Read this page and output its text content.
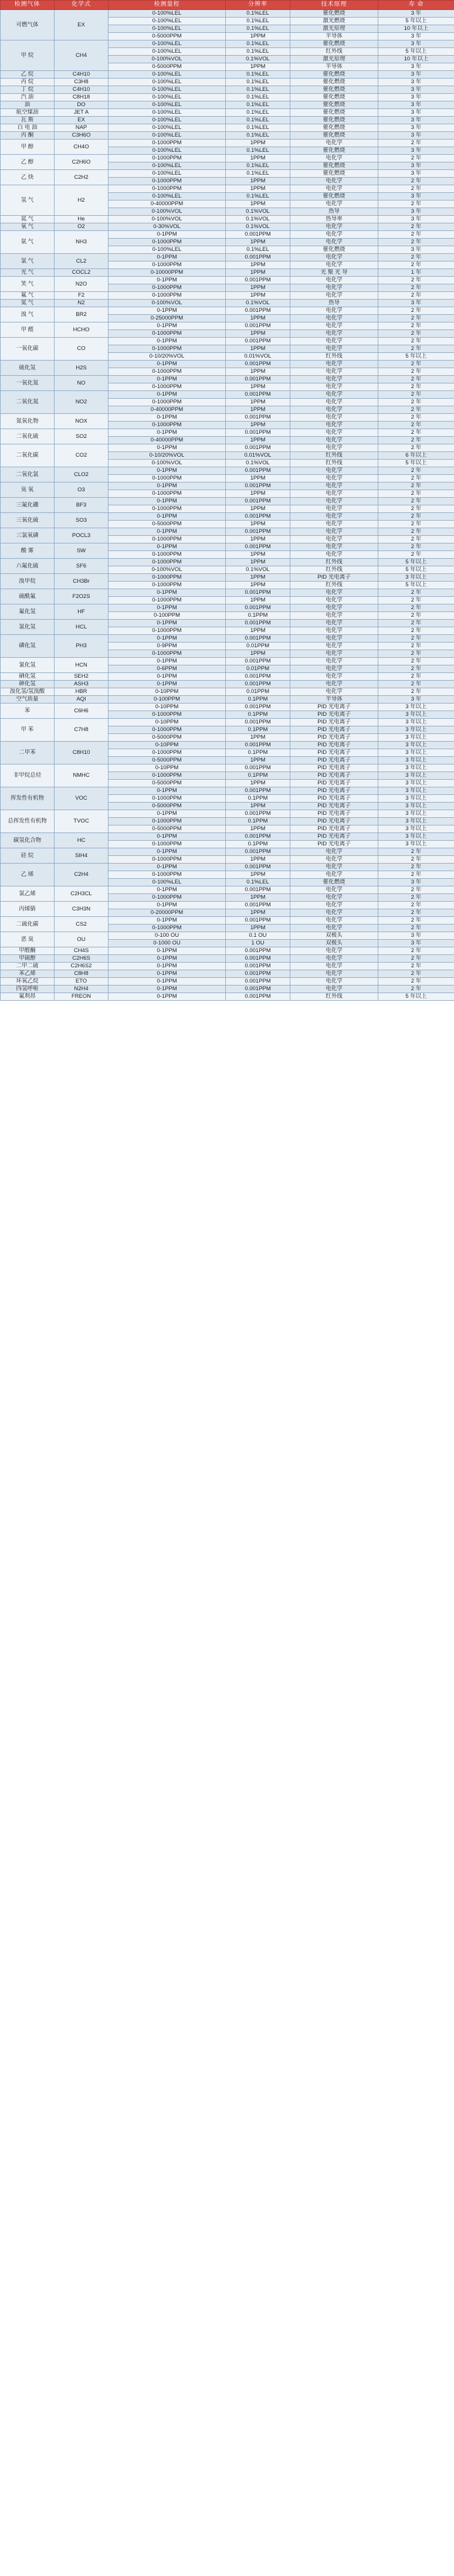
检测气体	化学式	检测量程	分辨率	技术原理	寿 命
可燃气体	EX	0-100%LEL	0.1%LEL	催化燃烧	3 年
		0-100%LEL	0.1%LEL	激光燃烧	5 年以上
		0-100%LEL	0.1%LEL	激光原理	10 年以上
		0-5000PPM	1PPM	半导体	3 年
甲 烷	CH4	0-100%LEL	0.1%LEL	催化燃烧	3 年
		0-100%LEL	0.1%LEL	红外线	5 年以上
		0-100%VOL	0.1%VOL	激光原理	10 年以上
		0-5000PPM	1PPM	半导体	3 年
乙 烷	C4H10	0-100%LEL	0.1%LEL	催化燃烧	3 年
丙 烷	C3H8	0-100%LEL	0.1%LEL	催化燃烧	3 年
丁 烷	C4H10	0-100%LEL	0.1%LEL	催化燃烧	3 年
汽 油	C8H18	0-100%LEL	0.1%LEL	催化燃烧	3 年
油	DO	0-100%LEL	0.1%LEL	催化燃烧	3 年
航空煤油	JET A	0-100%LEL	0.1%LEL	催化燃烧	3 年
瓦 斯	EX	0-100%LEL	0.1%LEL	催化燃烧	3 年
白 电 油	NAP	0-100%LEL	0.1%LEL	催化燃烧	3 年
丙 酮	C3H6O	0-100%LEL	0.1%LEL	催化燃烧	3 年
甲 醇	CH4O	0-1000PPM	1PPM	电化学	2 年
		0-100%LEL	0.1%LEL	催化燃烧	3 年
乙 醇	C2H6O	0-1000PPM	1PPM	电化学	2 年
		0-100%LEL	0.1%LEL	催化燃烧	3 年
乙 炔	C2H2	0-100%LEL	0.1%LEL	催化燃烧	3 年
		0-1000PPM	1PPM	电化学	2 年
氢 气	H2	0-1000PPM	1PPM	电化学	2 年
		0-100%LEL	0.1%LEL	催化燃烧	3 年
		0-40000PPM	1PPM	电化学	2 年
		0-100%VOL	0.1%VOL	热导	3 年
氦 气	He	0-100%VOL	0.1%VOL	热导率	3 年
氧 气	O2	0-30%VOL	0.1%VOL	电化学	2 年
氨 气	NH3	0-1PPM	0.001PPM	电化学	2 年
		0-1000PPM	1PPM	电化学	2 年
		0-100%LEL	0.1%LEL	催化燃烧	3 年
氯 气	CL2	0-1PPM	0.001PPM	电化学	2 年
		0-1000PPM	1PPM	电化学	2 年
光 气	COCL2	0-10000PPM	1PPM	光 聚 光 导	1 年
笑 气	N2O	0-1PPM	0.001PPM	电化学	2 年
		0-1000PPM	1PPM	电化学	2 年
氟 气	F2	0-1000PPM	1PPM	电化学	2 年
氮 气	N2	0-100%VOL	0.1%VOL	热导	3 年
溴 气	BR2	0-1PPM	0.001PPM	电化学	2 年
		0-25000PPM	1PPM	电化学	2 年
甲 醛	HCHO	0-1PPM	0.001PPM	电化学	2 年
		0-1000PPM	1PPM	电化学	2 年
一氧化碳	CO	0-1PPM	0.001PPM	电化学	2 年
		0-1000PPM	1PPM	电化学	2 年
		0-10/20%VOL	0.01%VOL	红外线	5 年以上
硫化氢	H2S	0-1PPM	0.001PPM	电化学	2 年
		0-1000PPM	1PPM	电化学	2 年
一氧化氮	NO	0-1PPM	0.001PPM	电化学	2 年
		0-1000PPM	1PPM	电化学	2 年
二氧化氮	NO2	0-1PPM	0.001PPM	电化学	2 年
		0-1000PPM	1PPM	电化学	2 年
		0-40000PPM	1PPM	电化学	2 年
氮氧化物	NOX	0-1PPM	0.001PPM	电化学	2 年
		0-1000PPM	1PPM	电化学	2 年
二氧化硫	SO2	0-1PPM	0.001PPM	电化学	2 年
		0-40000PPM	1PPM	电化学	2 年
二氧化碳	CO2	0-1PPM	0.001PPM	电化学	2 年
		0-10/20%VOL	0.01%VOL	红外线	6 年以上
		0-100%VOL	0.1%VOL	红外线	5 年以上
二氧化氯	CLO2	0-1PPM	0.001PPM	电化学	2 年
		0-1000PPM	1PPM	电化学	2 年
臭 氧	O3	0-1PPM	0.001PPM	电化学	2 年
		0-1000PPM	1PPM	电化学	2 年
三氟化硼	BF3	0-1PPM	0.001PPM	电化学	2 年
		0-1000PPM	1PPM	电化学	2 年
三氧化硫	SO3	0-1PPM	0.001PPM	电化学	2 年
		0-5000PPM	1PPM	电化学	2 年
三氯氧磷	POCL3	0-1PPM	0.001PPM	电化学	2 年
		0-1000PPM	1PPM	电化学	2 年
酸 雾	SW	0-1PPM	0.001PPM	电化学	2 年
		0-1000PPM	1PPM	电化学	2 年
六氟化硫	SF6	0-1000PPM	1PPM	红外线	5 年以上
		0-100%VOL	0.1%VOL	红外线	5 年以上
溴甲烷	CH3Br	0-1000PPM	1PPM	PID 光电离子	3 年以上
		0-1000PPM	1PPM	红外线	5 年以上
硫酰氟	F2O2S	0-1PPM	0.001PPM	电化学	2 年
		0-1000PPM	1PPM	电化学	2 年
氟化氢	HF	0-1PPM	0.001PPM	电化学	2 年
		0-100PPM	0.1PPM	电化学	2 年
氯化氢	HCL	0-1PPM	0.001PPM	电化学	2 年
		0-1000PPM	1PPM	电化学	2 年
磷化氢	PH3	0-1PPM	0.001PPM	电化学	2 年
		0-9PPM	0.01PPM	电化学	2 年
		0-1000PPM	1PPM	电化学	2 年
氰化氢	HCN	0-1PPM	0.001PPM	电化学	2 年
		0-6PPM	0.01PPM	电化学	2 年
硒化氢	SEH2	0-1PPM	0.001PPM	电化学	2 年
砷化氢	ASH3	0-1PPM	0.001PPM	电化学	2 年
溴化氢/氢溴酸	HBR	0-10PPM	0.01PPM	电化学	2 年
空气质量	AQI	0-100PPM	0.1PPM	半导体	3 年
苯	C6H6	0-10PPM	0.001PPM	PID 光电离子	3 年以上
		0-1000PPM	0.1PPM	PID 光电离子	3 年以上
甲 苯	C7H8	0-10PPM	0.001PPM	PID 光电离子	3 年以上
		0-1000PPM	0.1PPM	PID 光电离子	3 年以上
		0-5000PPM	1PPM	PID 光电离子	3 年以上
二甲苯	C8H10	0-10PPM	0.001PPM	PID 光电离子	3 年以上
		0-1000PPM	0.1PPM	PID 光电离子	3 年以上
		0-5000PPM	1PPM	PID 光电离子	3 年以上
非甲烷总烃	NMHC	0-10PPM	0.001PPM	PID 光电离子	3 年以上
		0-1000PPM	0.1PPM	PID 光电离子	3 年以上
		0-5000PPM	1PPM	PID 光电离子	3 年以上
挥发性有机物	VOC	0-1PPM	0.001PPM	PID 光电离子	3 年以上
		0-1000PPM	0.1PPM	PID 光电离子	3 年以上
		0-5000PPM	1PPM	PID 光电离子	3 年以上
总挥发性有机物	TVOC	0-1PPM	0.001PPM	PID 光电离子	3 年以上
		0-1000PPM	0.1PPM	PID 光电离子	3 年以上
		0-5000PPM	1PPM	PID 光电离子	3 年以上
碳氢化合物	HC	0-1PPM	0.001PPM	PID 光电离子	3 年以上
		0-1000PPM	0.1PPM	PID 光电离子	3 年以上
硅 烷	SIH4	0-1PPM	0.001PPM	电化学	2 年
		0-1000PPM	1PPM	电化学	2 年
乙 烯	C2H4	0-1PPM	0.001PPM	电化学	2 年
		0-1000PPM	1PPM	电化学	2 年
		0-100%LEL	0.1%LEL	催化燃烧	3 年
氯乙烯	C2H3CL	0-1PPM	0.001PPM	电化学	2 年
		0-1000PPM	1PPM	电化学	2 年
丙烯腈	C3H3N	0-1PPM	0.001PPM	电化学	2 年
		0-20000PPM	1PPM	电化学	2 年
二硫化碳	CS2	0-1PPM	0.001PPM	电化学	2 年
		0-1000PPM	1PPM	电化学	2 年
恶 臭	OU	0-100 OU	0.1 OU	双极头	3 年
		0-1000 OU	1 OU	双极头	3 年
甲醛酮	CH4S	0-1PPM	0.001PPM	电化学	2 年
甲硫醇	C2H6S	0-1PPM	0.001PPM	电化学	2 年
二甲二硫	C2H6S2	0-1PPM	0.001PPM	电化学	2 年
苯乙烯	C8H8	0-1PPM	0.001PPM	电化学	2 年
环氧乙烷	ETO	0-1PPM	0.001PPM	电化学	2 年
四氢呼啦	N2H4	0-1PPM	0.001PPM	电化学	2 年
氟利昂	FREON	0-1PPM	0.001PPM	红外线	5 年以上
